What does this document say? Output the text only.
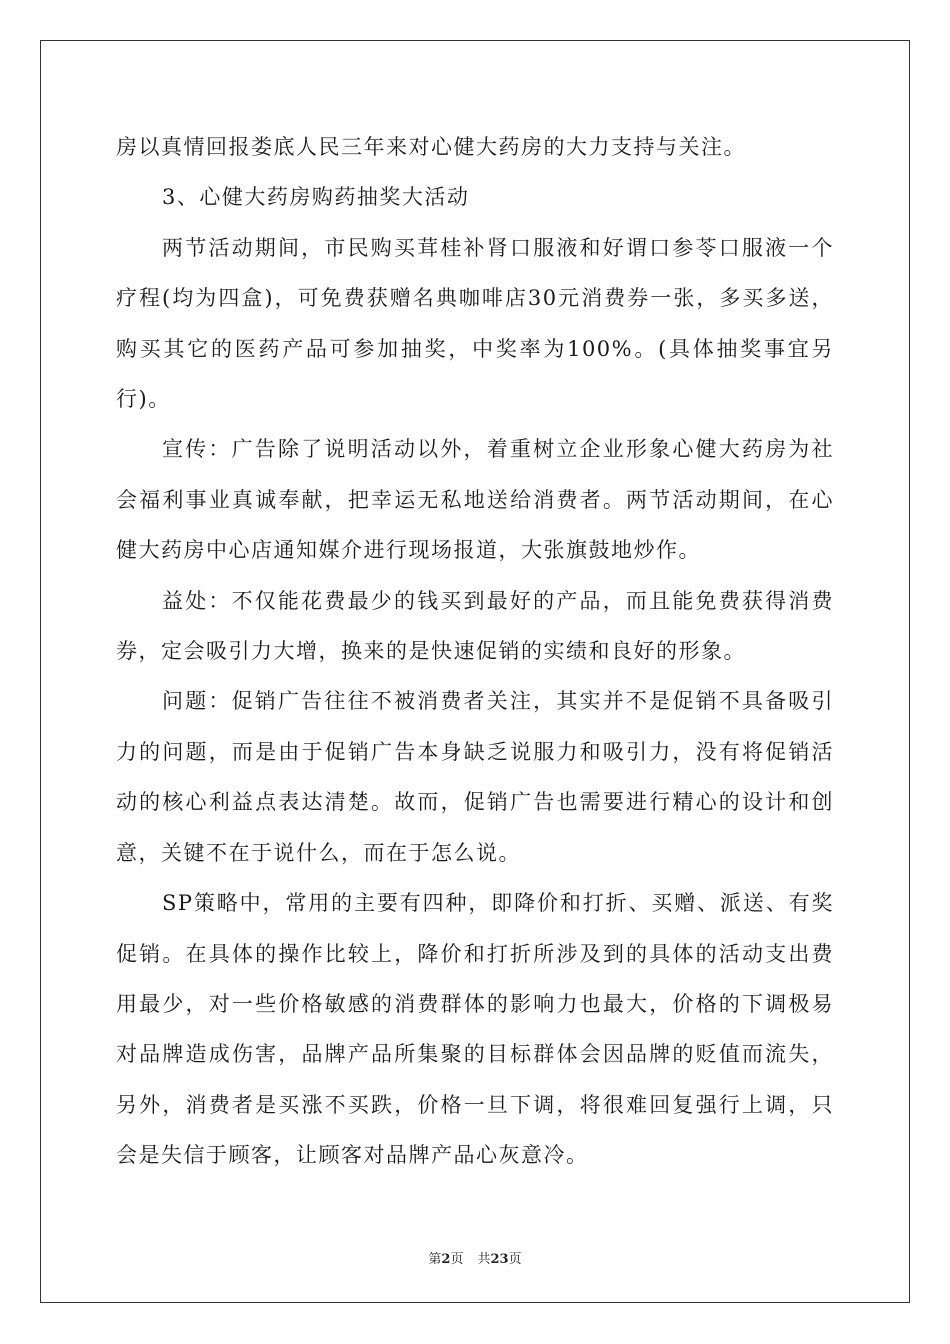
房以真情回报娄底人民三年来对心健大药房的大力支持与关注。

3、心健大药房购药抽奖大活动

两节活动期间，市民购买茸桂补肾口服液和好谓口参苓口服液一个疗程(均为四盒)，可免费获赠名典咖啡店30元消费券一张，多买多送，购买其它的医药产品可参加抽奖，中奖率为100%。(具体抽奖事宜另行)。

宣传：广告除了说明活动以外，着重树立企业形象心健大药房为社会福利事业真诚奉献，把幸运无私地送给消费者。两节活动期间，在心健大药房中心店通知媒介进行现场报道，大张旗鼓地炒作。

益处：不仅能花费最少的钱买到最好的产品，而且能免费获得消费券，定会吸引力大增，换来的是快速促销的实绩和良好的形象。

问题：促销广告往往不被消费者关注，其实并不是促销不具备吸引力的问题，而是由于促销广告本身缺乏说服力和吸引力，没有将促销活动的核心利益点表达清楚。故而，促销广告也需要进行精心的设计和创意，关键不在于说什么，而在于怎么说。

SP策略中，常用的主要有四种，即降价和打折、买赠、派送、有奖促销。在具体的操作比较上，降价和打折所涉及到的具体的活动支出费用最少，对一些价格敏感的消费群体的影响力也最大，价格的下调极易对品牌造成伤害，品牌产品所集聚的目标群体会因品牌的贬值而流失，另外，消费者是买涨不买跌，价格一旦下调，将很难回复强行上调，只会是失信于顾客，让顾客对品牌产品心灰意冷。

第2页 共23页
